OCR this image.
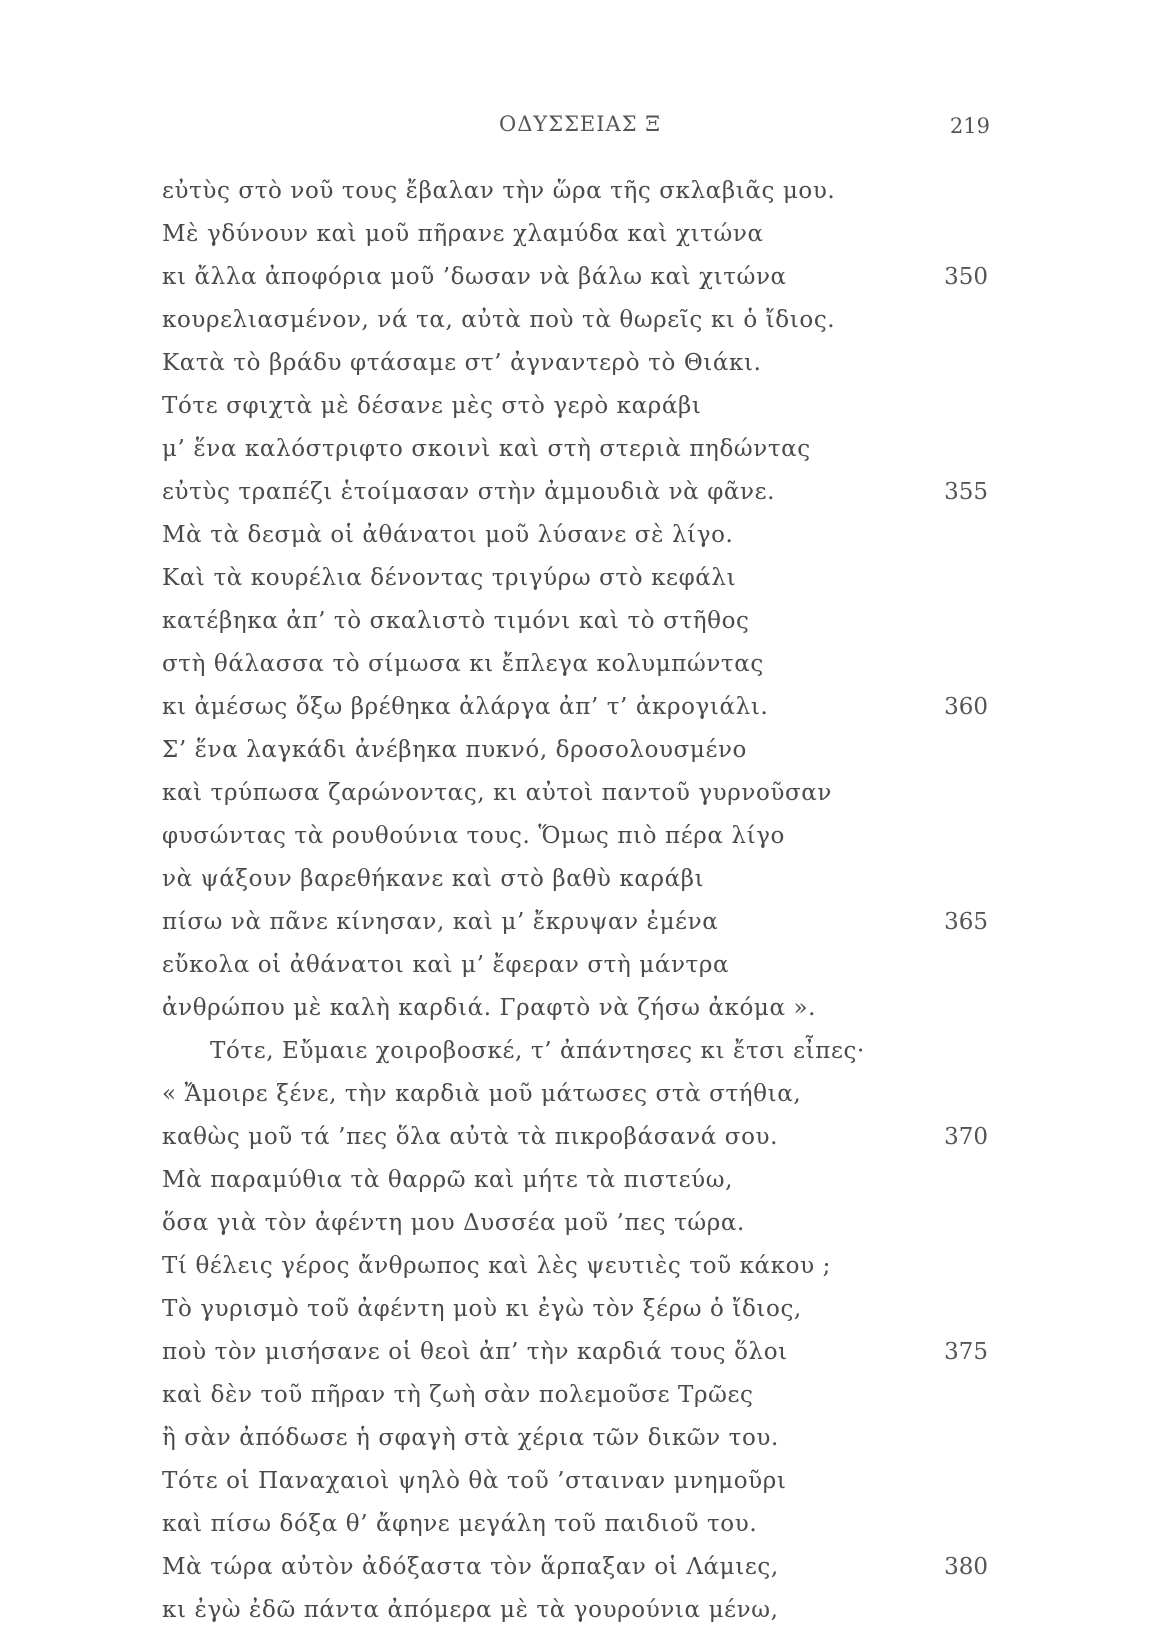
ΟΔΥΣΣΕΙΑΣ Ξ	219
εὐτὺς στὸ νοῦ τους ἔβαλαν τὴν ὥρα τῆς σκλαβιᾶς μου.
Μὲ γδύνουν καὶ μοῦ πῆρανε χλαμύδα καὶ χιτώνα
κι ἄλλα ἀποφόρια μοῦ ’δωσαν νὰ βάλω καὶ χιτώνα	350
κουρελιασμένον, νά τα, αὐτὰ ποὺ τὰ θωρεῖς κι ὁ ἴδιος.
Κατὰ τὸ βράδυ φτάσαμε στ’ ἀγναντερὸ τὸ Θιάκι.
Τότε σφιχτὰ μὲ δέσανε μὲς στὸ γερὸ καράβι
μ’ ἕνα καλόστριφτο σκοινὶ καὶ στὴ στεριὰ πηδώντας
εὐτὺς τραπέζι ἑτοίμασαν στὴν ἀμμουδιὰ νὰ φᾶνε.	355
Μὰ τὰ δεσμὰ οἱ ἀθάνατοι μοῦ λύσανε σὲ λίγο.
Καὶ τὰ κουρέλια δένοντας τριγύρω στὸ κεφάλι
κατέβηκα ἀπ’ τὸ σκαλιστὸ τιμόνι καὶ τὸ στῆθος
στὴ θάλασσα τὸ σίμωσα κι ἔπλεγα κολυμπώντας
κι ἀμέσως ὄξω βρέθηκα ἀλάργα ἀπ’ τ’ ἀκρογιάλι.	360
Σ’ ἕνα λαγκάδι ἀνέβηκα πυκνό, δροσολουσμένο
καὶ τρύπωσα ζαρώνοντας, κι αὐτοὶ παντοῦ γυρνοῦσαν
φυσώντας τὰ ρουθούνια τους. Ὅμως πιὸ πέρα λίγο
νὰ ψάξουν βαρεθήκανε καὶ στὸ βαθὺ καράβι
πίσω νὰ πᾶνε κίνησαν, καὶ μ’ ἔκρυψαν ἐμένα	365
εὔκολα οἱ ἀθάνατοι καὶ μ’ ἔφεραν στὴ μάντρα
ἀνθρώπου μὲ καλὴ καρδιά. Γραφτὸ νὰ ζήσω ἀκόμα ».
Τότε, Εὔμαιε χοιροβοσκέ, τ’ ἀπάντησες κι ἔτσι εἶπες·
« Ἄμοιρε ξένε, τὴν καρδιὰ μοῦ μάτωσες στὰ στήθια,
καθὼς μοῦ τά ’πες ὅλα αὐτὰ τὰ πικροβάσανά σου.	370
Μὰ παραμύθια τὰ θαρρῶ καὶ μήτε τὰ πιστεύω,
ὅσα γιὰ τὸν ἀφέντη μου Δυσσέα μοῦ ’πες τώρα.
Τί θέλεις γέρος ἄνθρωπος καὶ λὲς ψευτιὲς τοῦ κάκου ;
Τὸ γυρισμὸ τοῦ ἀφέντη μοὺ κι ἐγὼ τὸν ξέρω ὁ ἴδιος,
ποὺ τὸν μισήσανε οἱ θεοὶ ἀπ’ τὴν καρδιά τους ὅλοι	375
καὶ δὲν τοῦ πῆραν τὴ ζωὴ σὰν πολεμοῦσε Τρῶες
ἢ σὰν ἀπόδωσε ἡ σφαγὴ στὰ χέρια τῶν δικῶν του.
Τότε οἱ Παναχαιοὶ ψηλὸ θὰ τοῦ ’σταιναν μνημοῦρι
καὶ πίσω δόξα θ’ ἄφηνε μεγάλη τοῦ παιδιοῦ του.
Μὰ τώρα αὐτὸν ἀδόξαστα τὸν ἅρπαξαν οἱ Λάμιες,	380
κι ἐγὼ ἐδῶ πάντα ἀπόμερα μὲ τὰ γουρούνια μένω,
